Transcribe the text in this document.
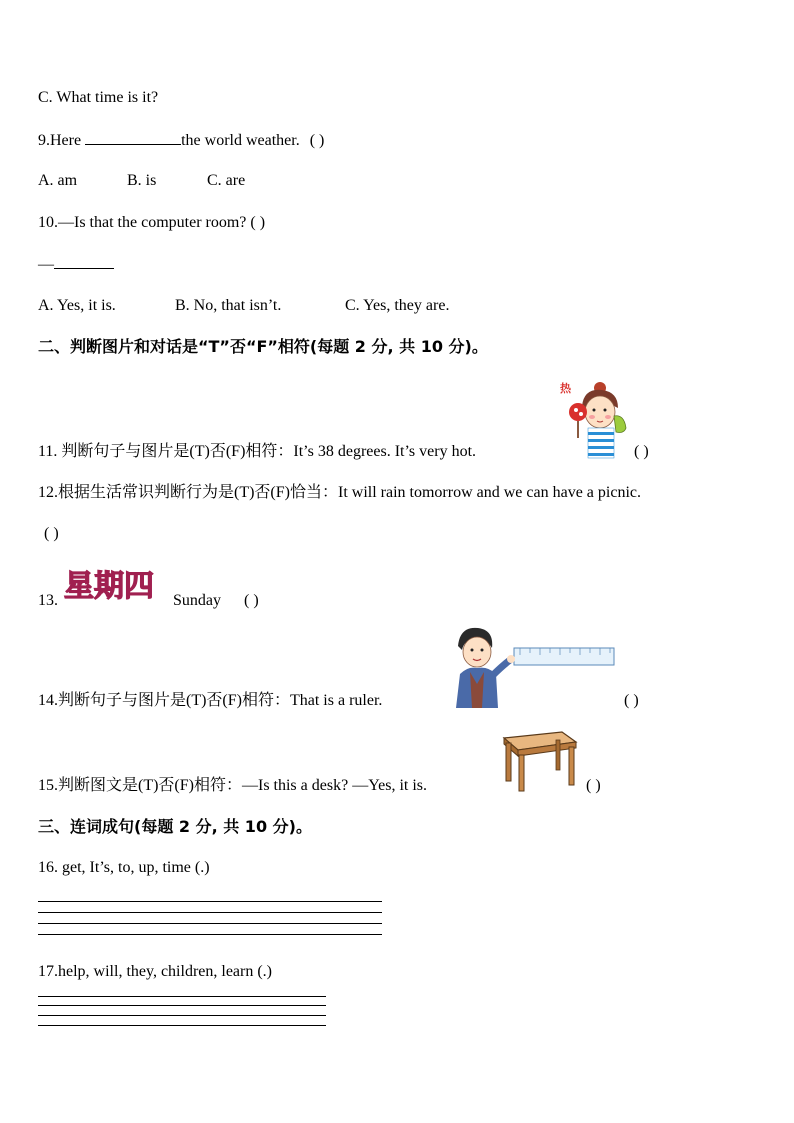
C. What time is it?
9.Here	the world weather. ( )
A. am	B. is	C. are
10.—Is that the computer room? ( )
—
A. Yes, it is.	B. No, that isn’t.	C. Yes, they are.
二、判断图片和对话是“T”否“F”相符(每题 2 分, 共 10 分)。
11. 判断句子与图片是(T)否(F)相符：It’s 38 degrees. It’s very hot.
热
( )
12.根据生活常识判断行为是(T)否(F)恰当：It will rain tomorrow and we can have a picnic.
( )
13. 星期四 Sunday ( )
14.判断句子与图片是(T)否(F)相符：That is a ruler.	( )
15.判断图文是(T)否(F)相符：—Is this a desk? —Yes, it is.	( )
三、连词成句(每题 2 分, 共 10 分)。
16. get, It’s, to, up, time (.)
17.help, will, they, children, learn (.)
